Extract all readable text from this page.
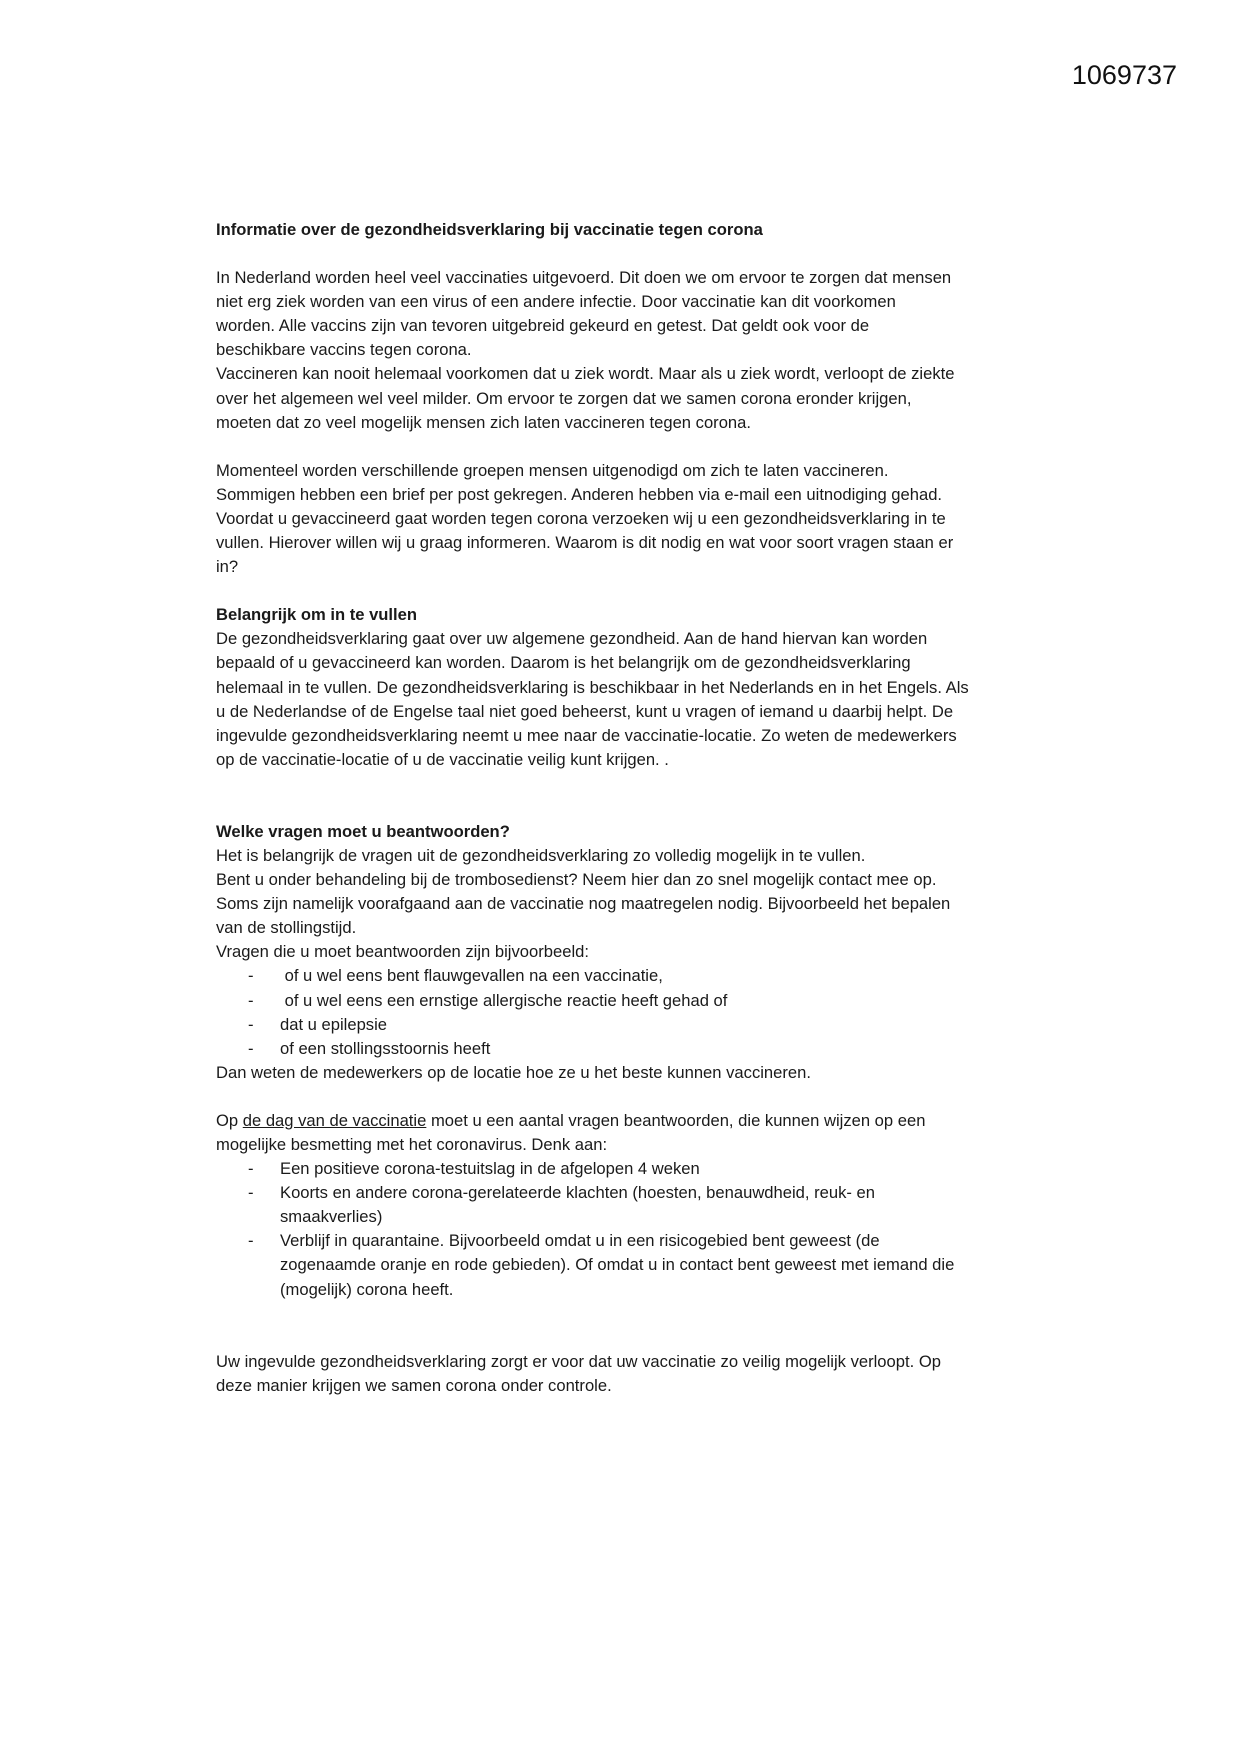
1069737

Informatie over de gezondheidsverklaring bij vaccinatie tegen corona

In Nederland worden heel veel vaccinaties uitgevoerd. Dit doen we om ervoor te zorgen dat mensen
niet erg ziek worden van een virus of een andere infectie. Door vaccinatie kan dit voorkomen
worden. Alle vaccins zijn van tevoren uitgebreid gekeurd en getest. Dat geldt ook voor de
beschikbare vaccins tegen corona.
Vaccineren kan nooit helemaal voorkomen dat u ziek wordt. Maar als u ziek wordt, verloopt de ziekte
over het algemeen wel veel milder. Om ervoor te zorgen dat we samen corona eronder krijgen,
moeten dat zo veel mogelijk mensen zich laten vaccineren tegen corona.

Momenteel worden verschillende groepen mensen uitgenodigd om zich te laten vaccineren.
Sommigen hebben een brief per post gekregen. Anderen hebben via e-mail een uitnodiging gehad.
Voordat u gevaccineerd gaat worden tegen corona verzoeken wij u een gezondheidsverklaring in te
vullen. Hierover willen wij u graag informeren. Waarom is dit nodig en wat voor soort vragen staan er
in?

Belangrijk om in te vullen

De gezondheidsverklaring gaat over uw algemene gezondheid. Aan de hand hiervan kan worden
bepaald of u gevaccineerd kan worden. Daarom is het belangrijk om de gezondheidsverklaring
helemaal in te vullen. De gezondheidsverklaring is beschikbaar in het Nederlands en in het Engels. Als
u de Nederlandse of de Engelse taal niet goed beheerst, kunt u vragen of iemand u daarbij helpt. De
ingevulde gezondheidsverklaring neemt u mee naar de vaccinatie-locatie. Zo weten de medewerkers
op de vaccinatie-locatie of u de vaccinatie veilig kunt krijgen. .

Welke vragen moet u beantwoorden?

Het is belangrijk de vragen uit de gezondheidsverklaring zo volledig mogelijk in te vullen.
Bent u onder behandeling bij de trombosedienst? Neem hier dan zo snel mogelijk contact mee op.
Soms zijn namelijk voorafgaand aan de vaccinatie nog maatregelen nodig. Bijvoorbeeld het bepalen
van de stollingstijd.
Vragen die u moet beantwoorden zijn bijvoorbeeld:
- of u wel eens bent flauwgevallen na een vaccinatie,
- of u wel eens een ernstige allergische reactie heeft gehad of
- dat u epilepsie
- of een stollingsstoornis heeft
Dan weten de medewerkers op de locatie hoe ze u het beste kunnen vaccineren.
Op de dag van de vaccinatie moet u een aantal vragen beantwoorden, die kunnen wijzen op een
mogelijke besmetting met het coronavirus. Denk aan:
- Een positieve corona-testuitslag in de afgelopen 4 weken
- Koorts en andere corona-gerelateerde klachten (hoesten, benauwdheid, reuk- en
smaakverlies)
- Verblijf in quarantaine. Bijvoorbeeld omdat u in een risicogebied bent geweest (de
zogenaamde oranje en rode gebieden). Of omdat u in contact bent geweest met iemand die
(mogelijk) corona heeft.

Uw ingevulde gezondheidsverklaring zorgt er voor dat uw vaccinatie zo veilig mogelijk verloopt. Op
deze manier krijgen we samen corona onder controle.
